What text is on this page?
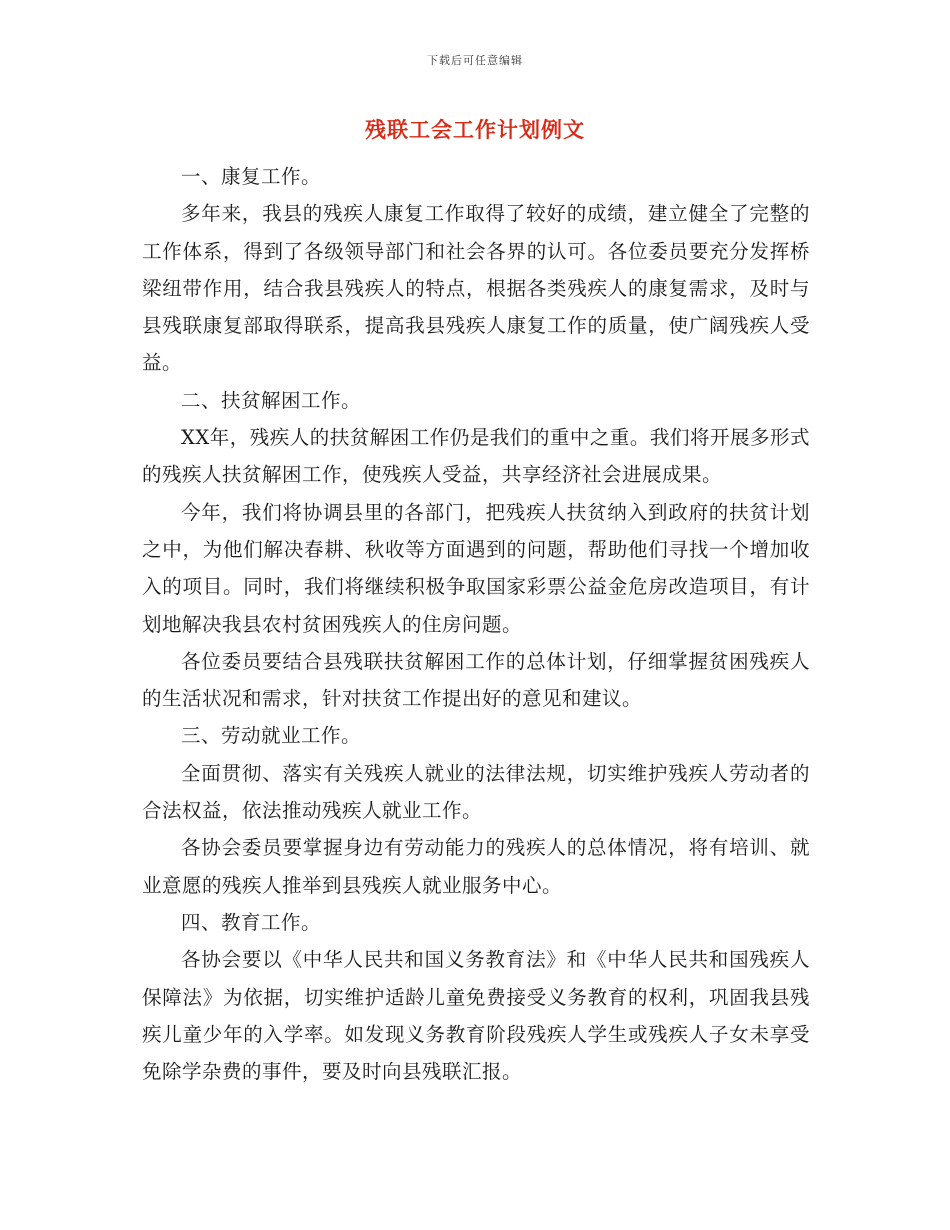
下载后可任意编辑
残联工会工作计划例文

一、康复工作。

多年来，我县的残疾人康复工作取得了较好的成绩，建立健全了完整的工作体系，得到了各级领导部门和社会各界的认可。各位委员要充分发挥桥梁纽带作用，结合我县残疾人的特点，根据各类残疾人的康复需求，及时与县残联康复部取得联系，提高我县残疾人康复工作的质量，使广阔残疾人受益。

二、扶贫解困工作。

XX年，残疾人的扶贫解困工作仍是我们的重中之重。我们将开展多形式的残疾人扶贫解困工作，使残疾人受益，共享经济社会进展成果。

今年，我们将协调县里的各部门，把残疾人扶贫纳入到政府的扶贫计划之中，为他们解决春耕、秋收等方面遇到的问题，帮助他们寻找一个增加收入的项目。同时，我们将继续积极争取国家彩票公益金危房改造项目，有计划地解决我县农村贫困残疾人的住房问题。

各位委员要结合县残联扶贫解困工作的总体计划，仔细掌握贫困残疾人的生活状况和需求，针对扶贫工作提出好的意见和建议。

三、劳动就业工作。

全面贯彻、落实有关残疾人就业的法律法规，切实维护残疾人劳动者的合法权益，依法推动残疾人就业工作。

各协会委员要掌握身边有劳动能力的残疾人的总体情况，将有培训、就业意愿的残疾人推举到县残疾人就业服务中心。

四、教育工作。

各协会要以《中华人民共和国义务教育法》和《中华人民共和国残疾人保障法》为依据，切实维护适龄儿童免费接受义务教育的权利，巩固我县残疾儿童少年的入学率。如发现义务教育阶段残疾人学生或残疾人子女未享受免除学杂费的事件，要及时向县残联汇报。
